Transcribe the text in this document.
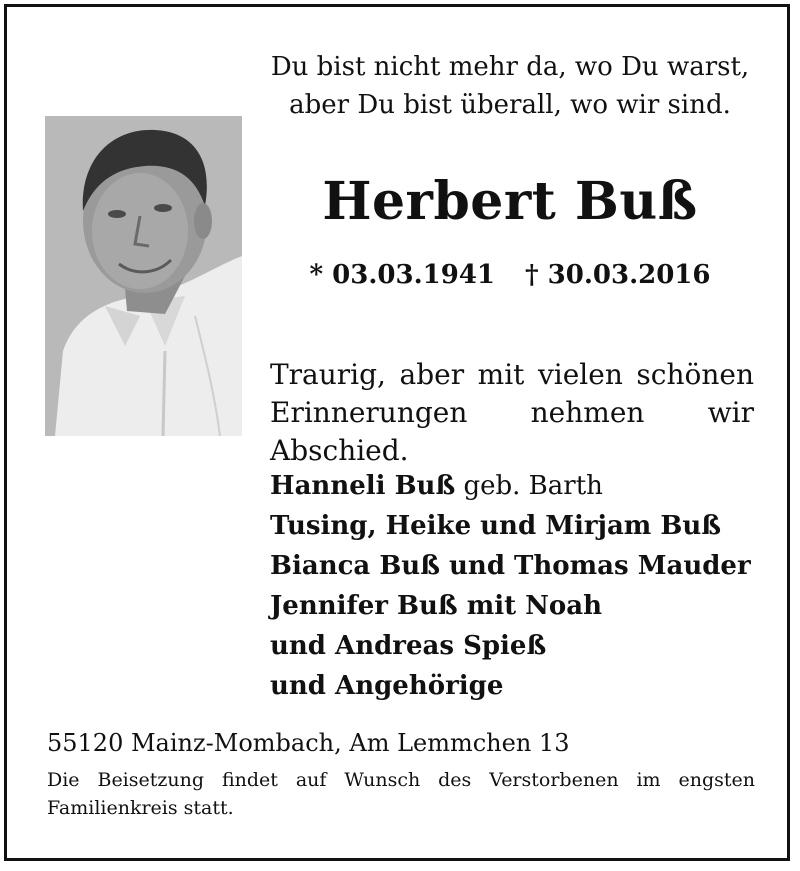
Du bist nicht mehr da, wo Du warst,
aber Du bist überall, wo wir sind.
Herbert Buß
* 03.03.1941 † 30.03.2016

Traurig, aber mit vielen schönen
Erinnerungen nehmen wir Abschied.

Hanneli Buß geb. Barth
Tusing, Heike und Mirjam Buß
Bianca Buß und Thomas Mauder
Jennifer Buß mit Noah
und Andreas Spieß
und Angehörige
55120 Mainz-Mombach, Am Lemmchen 13

Die Beisetzung findet auf Wunsch des Verstorbenen im engsten
Familienkreis statt.
